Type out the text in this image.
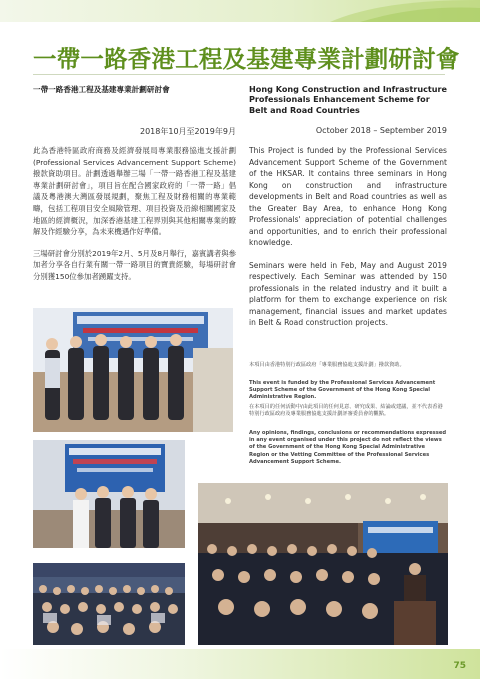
一帶一路香港工程及基建專業計劃研討會
一帶一路香港工程及基建專業計劃研討會
2018年10月至2019年9月

此為香港特區政府商務及經濟發展局專業服務協進支援計劃(Professional Services Advancement Support Scheme)撥款資助項目。計劃透過舉辦三場「一帶一路香港工程及基建專業計劃研討會」，項目旨在配合國家政府的「一帶一路」倡議及粵港澳大灣區發展規劃，聚焦工程及財務相關的專業範疇，包括工程項目安全風險管理、項目投資及沿線相關國家及地區的經濟概況，加深香港基建工程界別與其他相關專業的瞭解及作經驗分享，為未來機遇作好準備。

三場研討會分別於2019年2月、5月及8月舉行，嘉賓講者與參加者分享各自行業有關一帶一路項目的寶貴經驗，每場研討會分別獲150位參加者踴躍支持。

Hong Kong Construction and Infrastructure Professionals Enhancement Scheme for Belt and Road Countries
October 2018 – September 2019

This Project is funded by the Professional Services Advancement Support Scheme of the Government of the HKSAR. It contains three seminars in Hong Kong on construction and infrastructure developments in Belt and Road countries as well as the Greater Bay Area, to enhance Hong Kong Professionals' appreciation of potential challenges and opportunities, and to enrich their professional knowledge.

Seminars were held in Feb, May and August 2019 respectively. Each Seminar was attended by 150 professionals in the related industry and it built a platform for them to exchange experience on risk management, financial issues and market updates in Belt & Road construction projects.

本項目由香港特別行政區政府「專業服務協進支援計劃」撥款資助。

This event is funded by the Professional Services Advancement Support Scheme of the Government of the Hong Kong Special Administrative Region.

在本項目的任何活動中/由此項目的任何見意、研究成果、結論或建議，並不代表香港特別行政區政府及專業服務協進支援計劃評審委員會的觀點。

Any opinions, findings, conclusions or recommendations expressed in any event organised under this project do not reflect the views of the Government of the Hong Kong Special Administrative Region or the Vetting Committee of the Professional Services Advancement Support Scheme.

75
